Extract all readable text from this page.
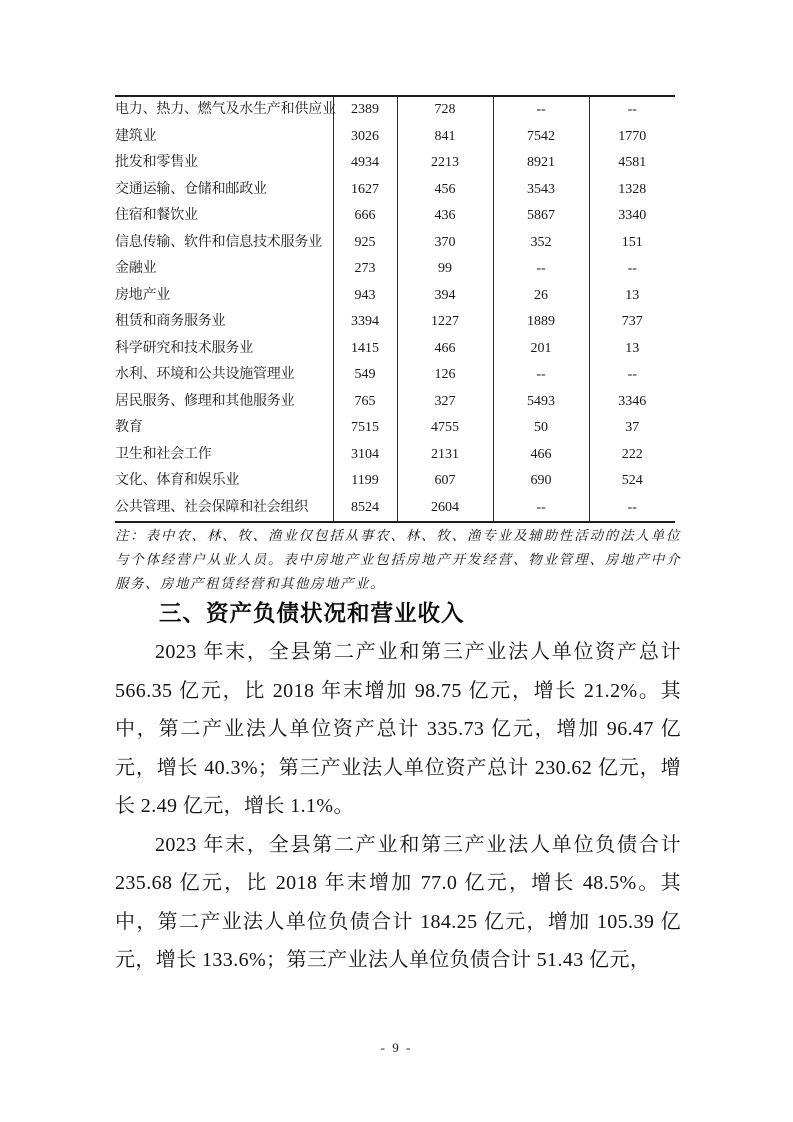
电力、热力、燃气及水生产和供应业	2389	728	--	--
建筑业	3026	841	7542	1770
批发和零售业	4934	2213	8921	4581
交通运输、仓储和邮政业	1627	456	3543	1328
住宿和餐饮业	666	436	5867	3340
信息传输、软件和信息技术服务业	925	370	352	151
金融业	273	99	--	--
房地产业	943	394	26	13
租赁和商务服务业	3394	1227	1889	737
科学研究和技术服务业	1415	466	201	13
水利、环境和公共设施管理业	549	126	--	--
居民服务、修理和其他服务业	765	327	5493	3346
教育	7515	4755	50	37
卫生和社会工作	3104	2131	466	222
文化、体育和娱乐业	1199	607	690	524
公共管理、社会保障和社会组织	8524	2604	--	--
注：表中农、林、牧、渔业仅包括从事农、林、牧、渔专业及辅助性活动的法人单位与个体经营户从业人员。表中房地产业包括房地产开发经营、物业管理、房地产中介服务、房地产租赁经营和其他房地产业。
三、资产负债状况和营业收入

2023 年末，全县第二产业和第三产业法人单位资产总计 566.35 亿元，比 2018 年末增加 98.75 亿元，增长 21.2%。其中，第二产业法人单位资产总计 335.73 亿元，增加 96.47 亿元，增长 40.3%；第三产业法人单位资产总计 230.62 亿元，增长 2.49 亿元，增长 1.1%。

2023 年末，全县第二产业和第三产业法人单位负债合计 235.68 亿元，比 2018 年末增加 77.0 亿元，增长 48.5%。其中，第二产业法人单位负债合计 184.25 亿元，增加 105.39 亿元，增长 133.6%；第三产业法人单位负债合计 51.43 亿元，

- 9 -
